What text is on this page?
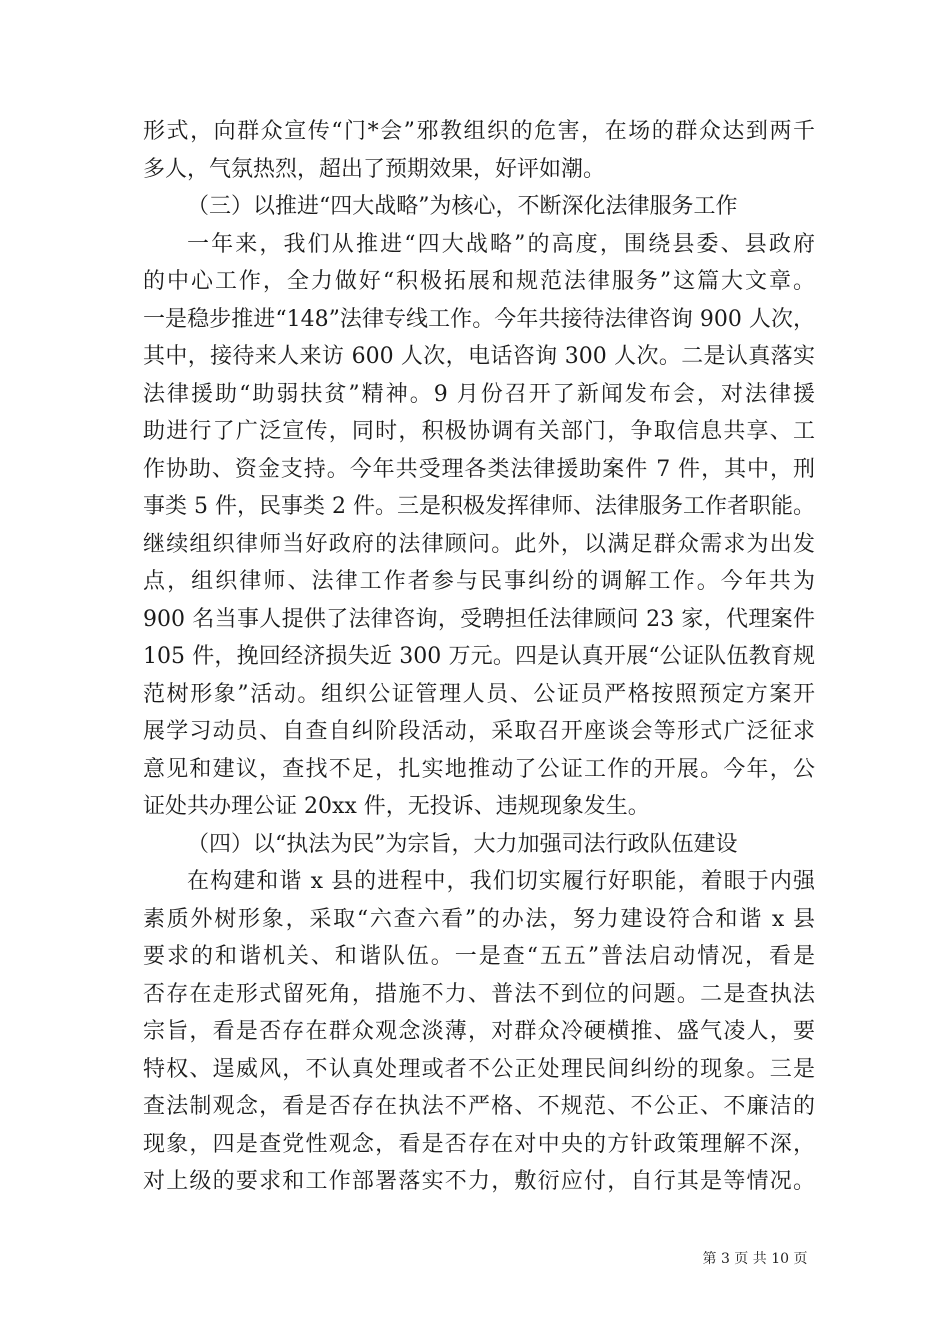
形式，向群众宣传“门*会”邪教组织的危害，在场的群众达到两千
多人，气氛热烈，超出了预期效果，好评如潮。
（三）以推进“四大战略”为核心，不断深化法律服务工作
一年来，我们从推进“四大战略”的高度，围绕县委、县政府
的中心工作，全力做好“积极拓展和规范法律服务”这篇大文章。
一是稳步推进“148”法律专线工作。今年共接待法律咨询 900 人次，
其中，接待来人来访 600 人次，电话咨询 300 人次。二是认真落实
法律援助“助弱扶贫”精神。9 月份召开了新闻发布会，对法律援
助进行了广泛宣传，同时，积极协调有关部门，争取信息共享、工
作协助、资金支持。今年共受理各类法律援助案件 7 件，其中，刑
事类 5 件，民事类 2 件。三是积极发挥律师、法律服务工作者职能。
继续组织律师当好政府的法律顾问。此外，以满足群众需求为出发
点，组织律师、法律工作者参与民事纠纷的调解工作。今年共为
900 名当事人提供了法律咨询，受聘担任法律顾问 23 家，代理案件
105 件，挽回经济损失近 300 万元。四是认真开展“公证队伍教育规
范树形象”活动。组织公证管理人员、公证员严格按照预定方案开
展学习动员、自查自纠阶段活动，采取召开座谈会等形式广泛征求
意见和建议，查找不足，扎实地推动了公证工作的开展。今年，公
证处共办理公证 20xx 件，无投诉、违规现象发生。
（四）以“执法为民”为宗旨，大力加强司法行政队伍建设
在构建和谐 x 县的进程中，我们切实履行好职能，着眼于内强
素质外树形象，采取“六查六看”的办法，努力建设符合和谐 x 县
要求的和谐机关、和谐队伍。一是查“五五”普法启动情况，看是
否存在走形式留死角，措施不力、普法不到位的问题。二是查执法
宗旨，看是否存在群众观念淡薄，对群众冷硬横推、盛气凌人，要
特权、逞威风，不认真处理或者不公正处理民间纠纷的现象。三是
查法制观念，看是否存在执法不严格、不规范、不公正、不廉洁的
现象，四是查党性观念，看是否存在对中央的方针政策理解不深，
对上级的要求和工作部署落实不力，敷衍应付，自行其是等情况。
第 3 页 共 10 页
